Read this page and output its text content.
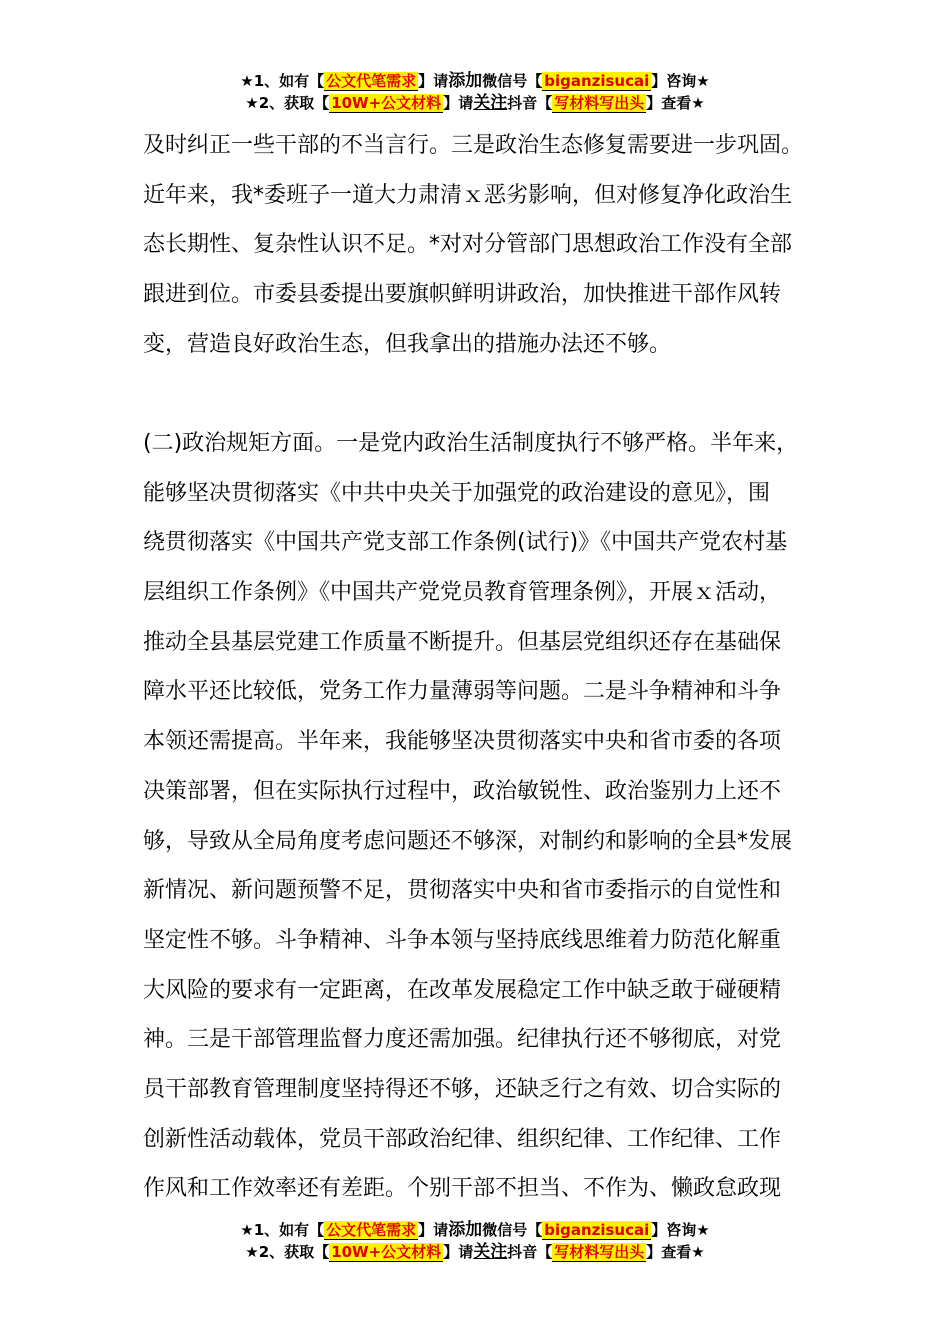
★1、如有【 公文代笔需求 】请添加微信号【 biganzisucai 】咨询★
★2、获取【 10W+公文材料 】请关注抖音【 写材料写出头 】查看★
及时纠正一些干部的不当言行。三是政治生态修复需要进一步巩固。
近年来，我*委班子一道大力肃清ｘ恶劣影响，但对修复净化政治生
态长期性、复杂性认识不足。*对对分管部门思想政治工作没有全部
跟进到位。市委县委提出要旗帜鲜明讲政治，加快推进干部作风转
变，营造良好政治生态，但我拿出的措施办法还不够。
(二)政治规矩方面。一是党内政治生活制度执行不够严格。半年来，
能够坚决贯彻落实《中共中央关于加强党的政治建设的意见》，围
绕贯彻落实《中国共产党支部工作条例(试行)》《中国共产党农村基
层组织工作条例》《中国共产党党员教育管理条例》，开展ｘ活动，
推动全县基层党建工作质量不断提升。但基层党组织还存在基础保
障水平还比较低，党务工作力量薄弱等问题。二是斗争精神和斗争
本领还需提高。半年来，我能够坚决贯彻落实中央和省市委的各项
决策部署，但在实际执行过程中，政治敏锐性、政治鉴别力上还不
够，导致从全局角度考虑问题还不够深，对制约和影响的全县*发展
新情况、新问题预警不足，贯彻落实中央和省市委指示的自觉性和
坚定性不够。斗争精神、斗争本领与坚持底线思维着力防范化解重
大风险的要求有一定距离，在改革发展稳定工作中缺乏敢于碰硬精
神。三是干部管理监督力度还需加强。纪律执行还不够彻底，对党
员干部教育管理制度坚持得还不够，还缺乏行之有效、切合实际的
创新性活动载体，党员干部政治纪律、组织纪律、工作纪律、工作
作风和工作效率还有差距。个别干部不担当、不作为、懒政怠政现
★1、如有【 公文代笔需求 】请添加微信号【 biganzisucai 】咨询★
★2、获取【 10W+公文材料 】请关注抖音【 写材料写出头 】查看★
